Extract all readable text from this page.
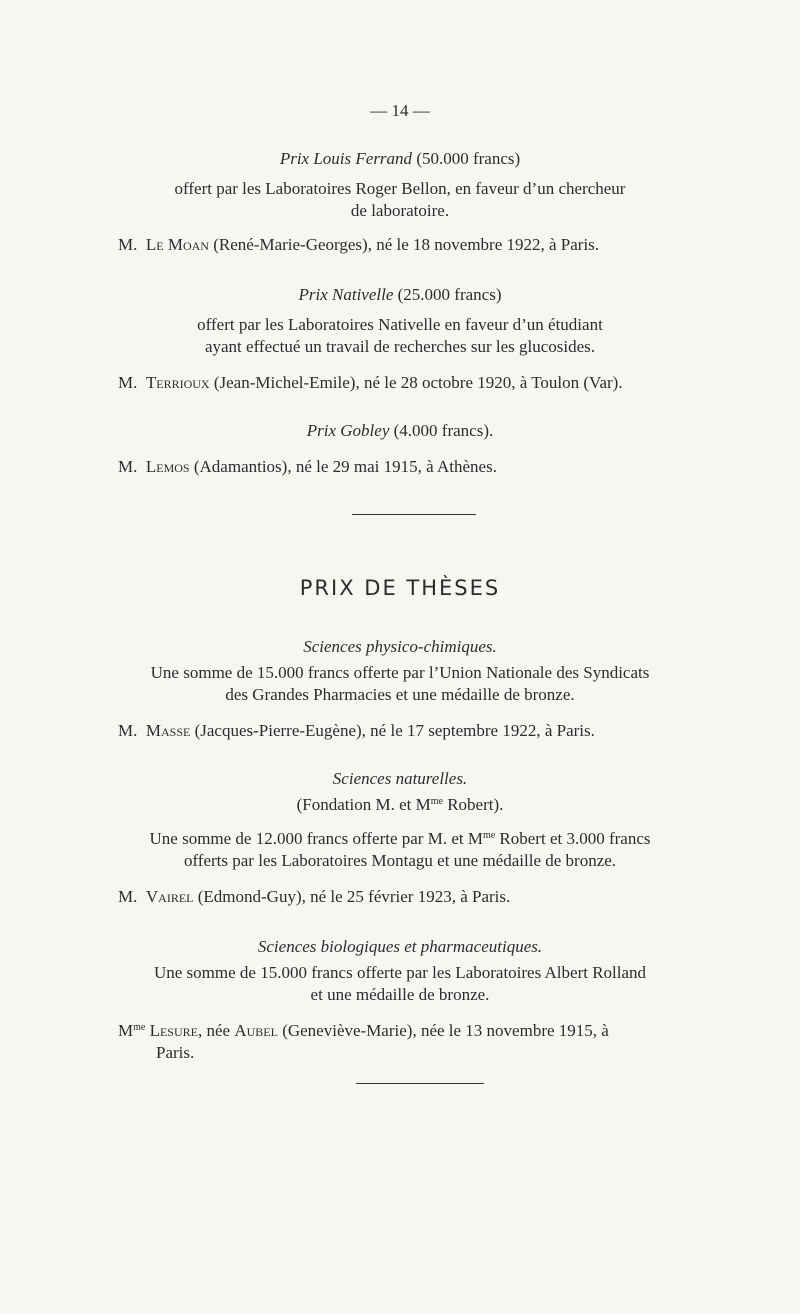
— 14 —
Prix Louis Ferrand (50.000 francs)
offert par les Laboratoires Roger Bellon, en faveur d’un chercheur
de laboratoire.
M. Le Moan (René-Marie-Georges), né le 18 novembre 1922, à Paris.
Prix Nativelle (25.000 francs)
offert par les Laboratoires Nativelle en faveur d’un étudiant
ayant effectué un travail de recherches sur les glucosides.
M. Terrioux (Jean-Michel-Emile), né le 28 octobre 1920, à Toulon (Var).
Prix Gobley (4.000 francs).
M. Lemos (Adamantios), né le 29 mai 1915, à Athènes.
PRIX DE THÈSES
Sciences physico-chimiques.
Une somme de 15.000 francs offerte par l’Union Nationale des Syndicats
des Grandes Pharmacies et une médaille de bronze.
M. Masse (Jacques-Pierre-Eugène), né le 17 septembre 1922, à Paris.
Sciences naturelles.
(Fondation M. et $M^{me}$ Robert).
Une somme de 12.000 francs offerte par M. et $M^{me}$ Robert et 3.000 francs
offerts par les Laboratoires Montagu et une médaille de bronze.
M. Vairel (Edmond-Guy), né le 25 février 1923, à Paris.
Sciences biologiques et pharmaceutiques.
Une somme de 15.000 francs offerte par les Laboratoires Albert Rolland
et une médaille de bronze.
$M^{me}$ Lesure, née Aubel (Geneviève-Marie), née le 13 novembre 1915, à
Paris.
